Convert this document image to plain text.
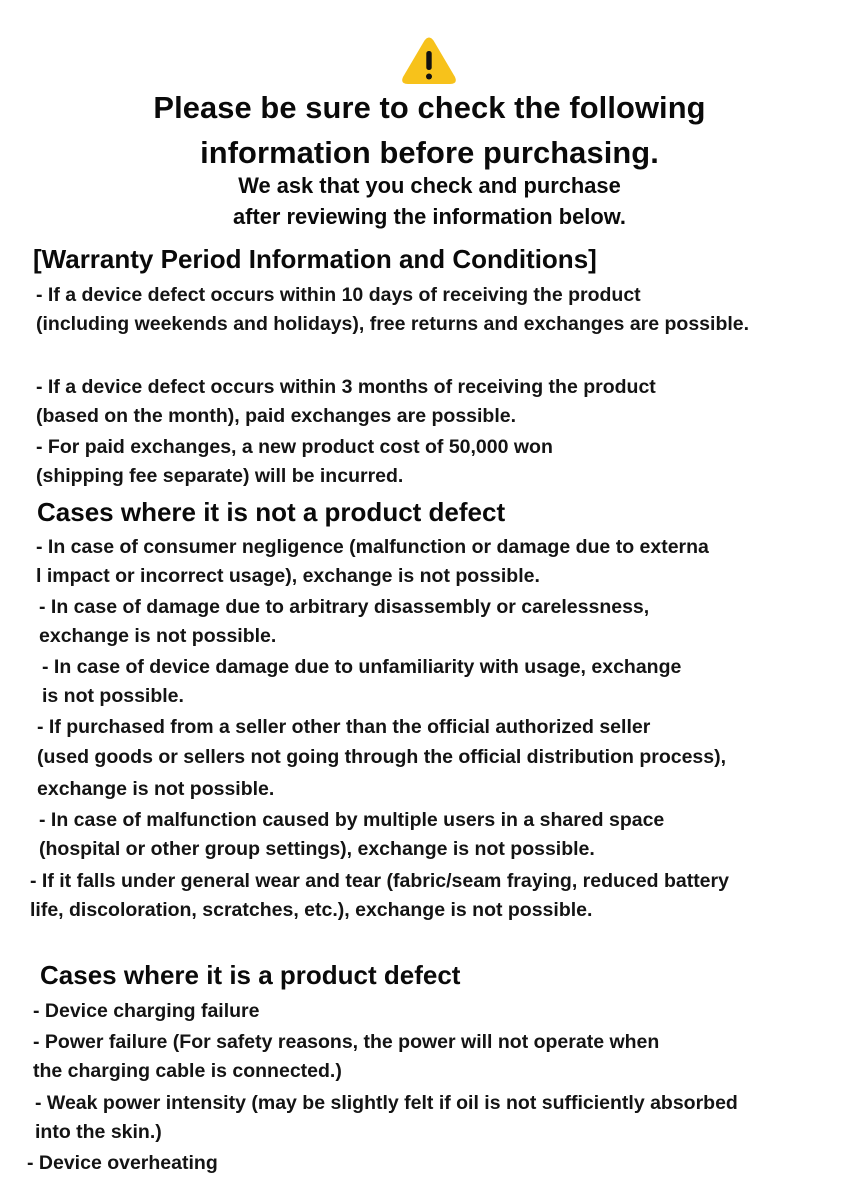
Please be sure to check the following
information before purchasing.
We ask that you check and purchase
after reviewing the information below.
[Warranty Period Information and Conditions]
- If a device defect occurs within 10 days of receiving the product
(including weekends and holidays), free returns and exchanges are possible.
- If a device defect occurs within 3 months of receiving the product
(based on the month), paid exchanges are possible.
- For paid exchanges, a new product cost of 50,000 won
(shipping fee separate) will be incurred.
Cases where it is not a product defect
- In case of consumer negligence (malfunction or damage due to externa
l impact or incorrect usage), exchange is not possible.
- In case of damage due to arbitrary disassembly or carelessness,
exchange is not possible.
- In case of device damage due to unfamiliarity with usage, exchange
is not possible.
- If purchased from a seller other than the official authorized seller
(used goods or sellers not going through the official distribution process),
exchange is not possible.
- In case of malfunction caused by multiple users in a shared space
(hospital or other group settings), exchange is not possible.
- If it falls under general wear and tear (fabric/seam fraying, reduced battery
life, discoloration, scratches, etc.), exchange is not possible.
Cases where it is a product defect
- Device charging failure
- Power failure (For safety reasons, the power will not operate when
the charging cable is connected.)
- Weak power intensity (may be slightly felt if oil is not sufficiently absorbed
into the skin.)
- Device overheating
